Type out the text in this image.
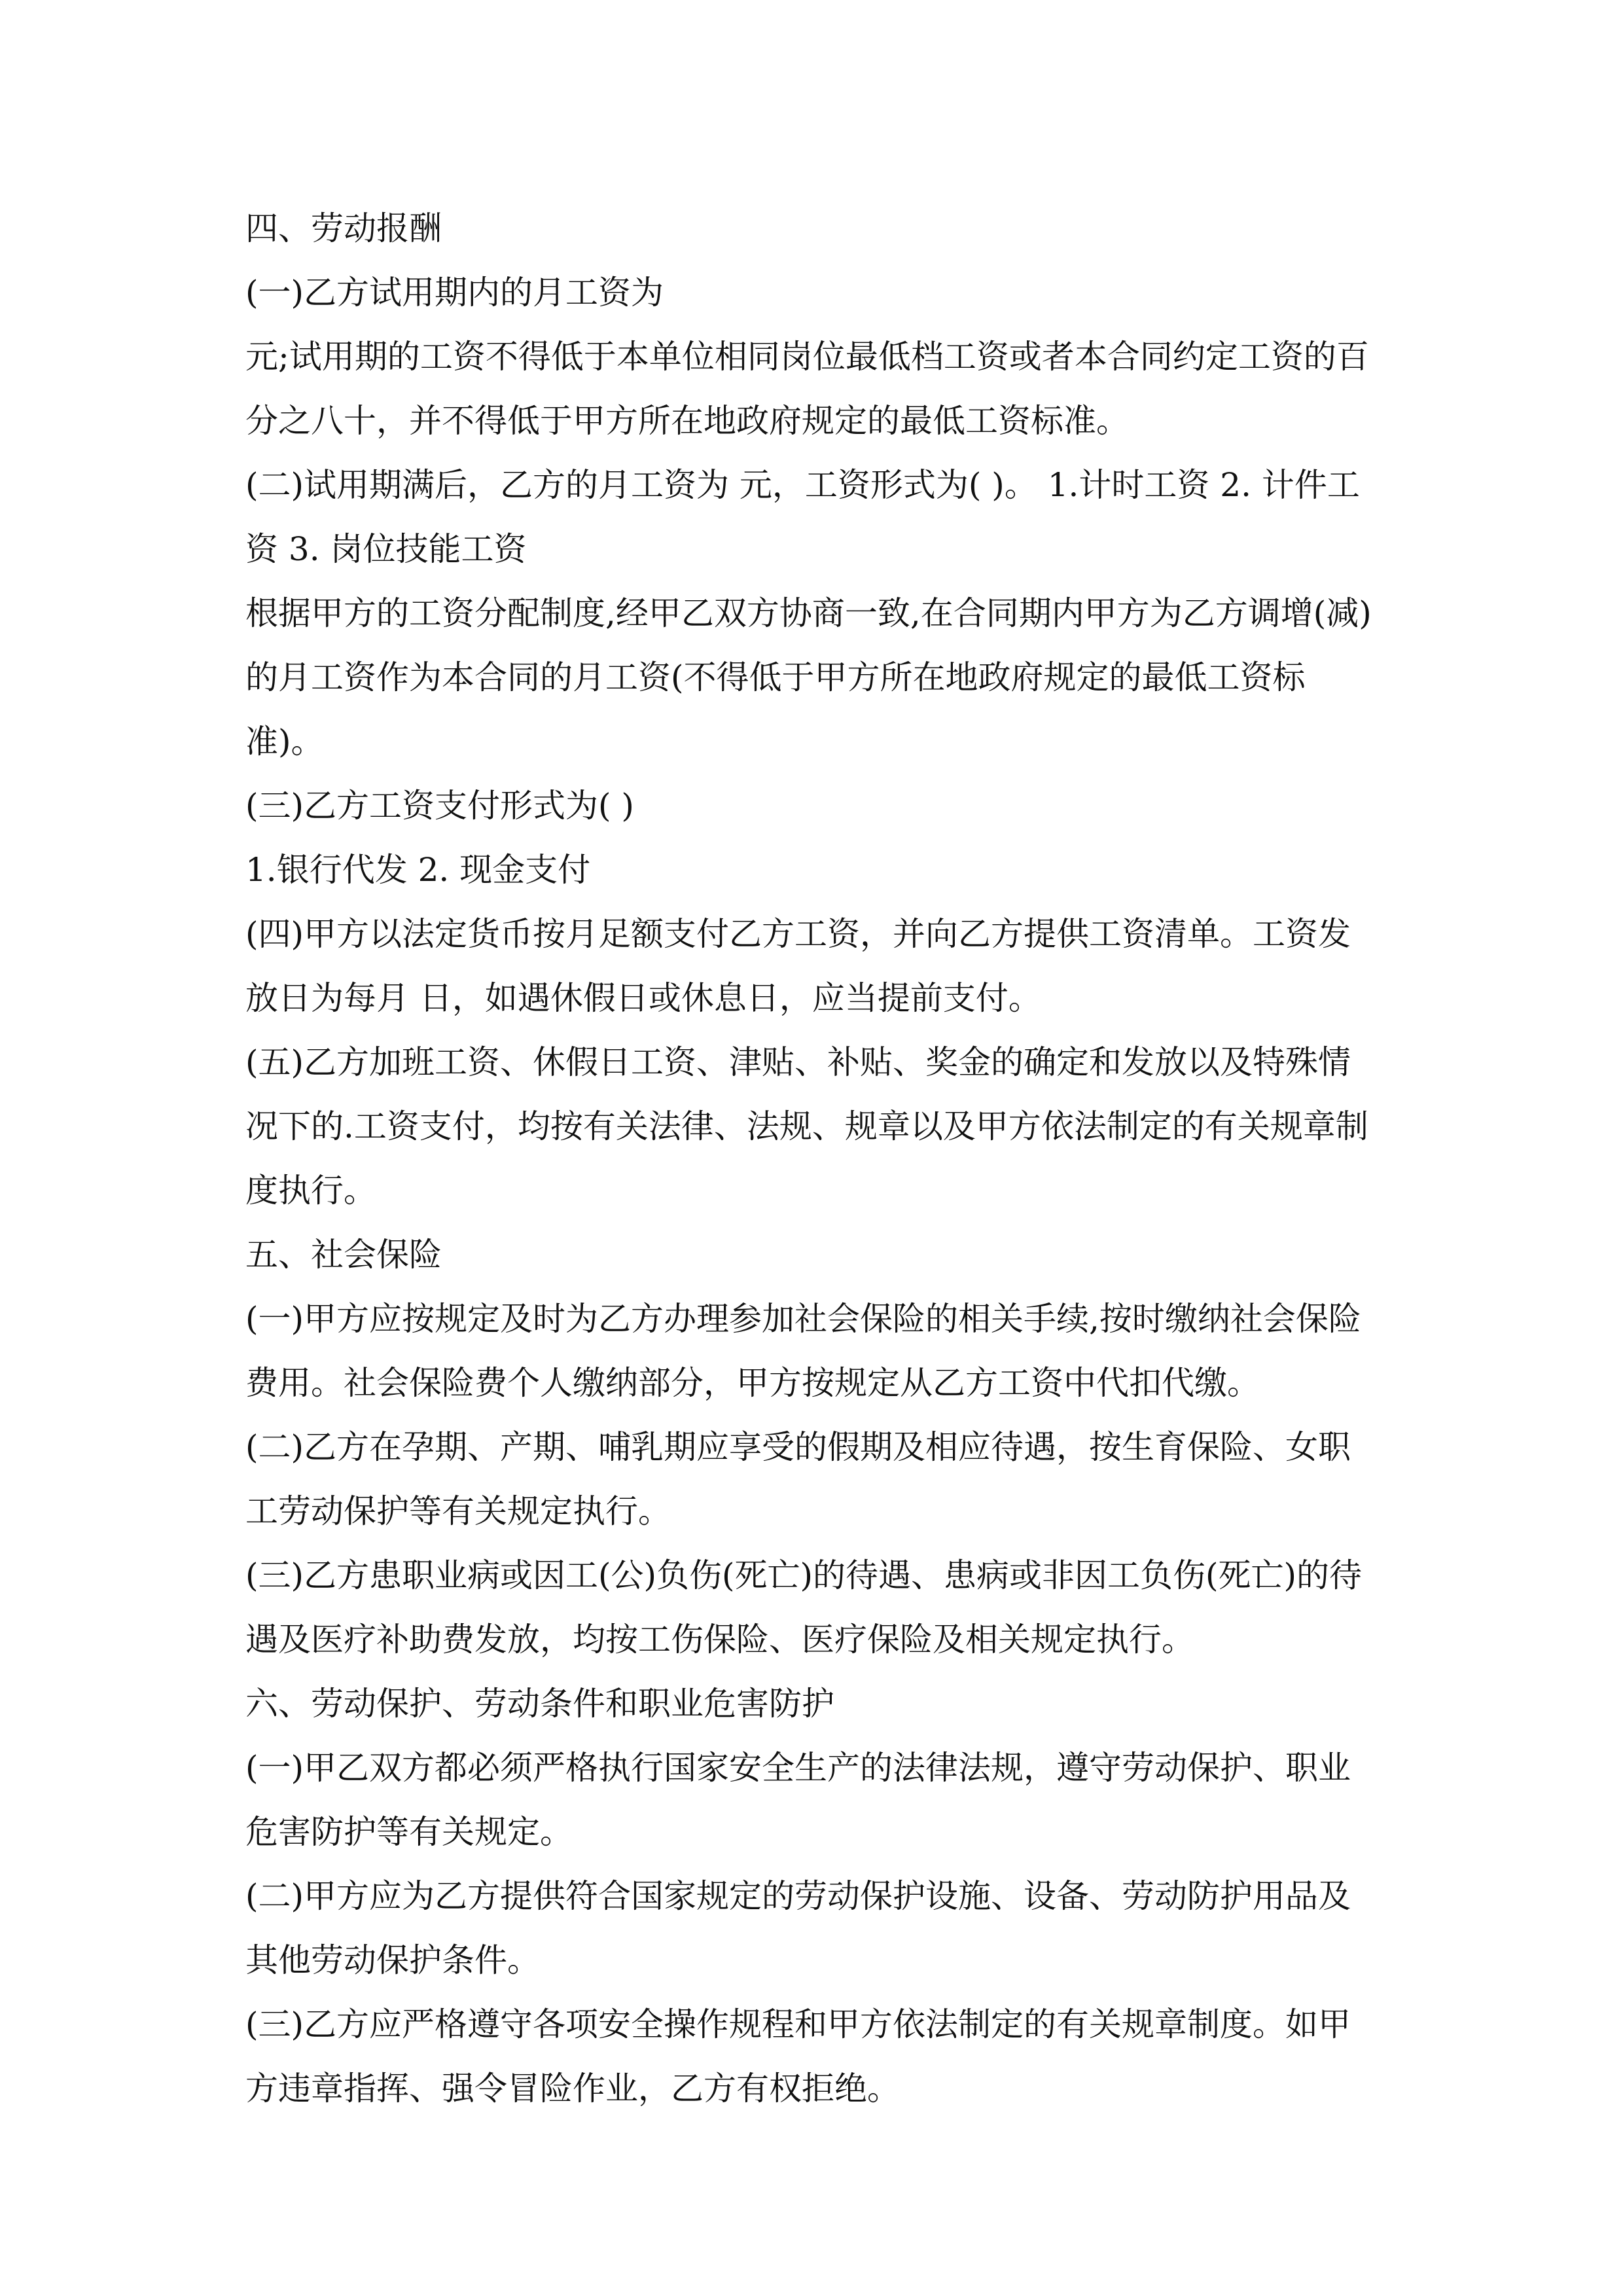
四、劳动报酬

(一)乙方试用期内的月工资为

元;试用期的工资不得低于本单位相同岗位最低档工资或者本合同约定工资的百分之八十，并不得低于甲方所在地政府规定的最低工资标准。

(二)试用期满后，乙方的月工资为 元，工资形式为( )。 1.计时工资 2. 计件工资 3. 岗位技能工资

根据甲方的工资分配制度,经甲乙双方协商一致,在合同期内甲方为乙方调增(减)的月工资作为本合同的月工资(不得低于甲方所在地政府规定的最低工资标准)。

(三)乙方工资支付形式为( )

1.银行代发 2. 现金支付

(四)甲方以法定货币按月足额支付乙方工资，并向乙方提供工资清单。工资发放日为每月 日，如遇休假日或休息日，应当提前支付。

(五)乙方加班工资、休假日工资、津贴、补贴、奖金的确定和发放以及特殊情况下的.工资支付，均按有关法律、法规、规章以及甲方依法制定的有关规章制度执行。

五、社会保险

(一)甲方应按规定及时为乙方办理参加社会保险的相关手续,按时缴纳社会保险费用。社会保险费个人缴纳部分，甲方按规定从乙方工资中代扣代缴。

(二)乙方在孕期、产期、哺乳期应享受的假期及相应待遇，按生育保险、女职工劳动保护等有关规定执行。

(三)乙方患职业病或因工(公)负伤(死亡)的待遇、患病或非因工负伤(死亡)的待遇及医疗补助费发放，均按工伤保险、医疗保险及相关规定执行。

六、劳动保护、劳动条件和职业危害防护

(一)甲乙双方都必须严格执行国家安全生产的法律法规，遵守劳动保护、职业危害防护等有关规定。

(二)甲方应为乙方提供符合国家规定的劳动保护设施、设备、劳动防护用品及其他劳动保护条件。

(三)乙方应严格遵守各项安全操作规程和甲方依法制定的有关规章制度。如甲方违章指挥、强令冒险作业，乙方有权拒绝。
